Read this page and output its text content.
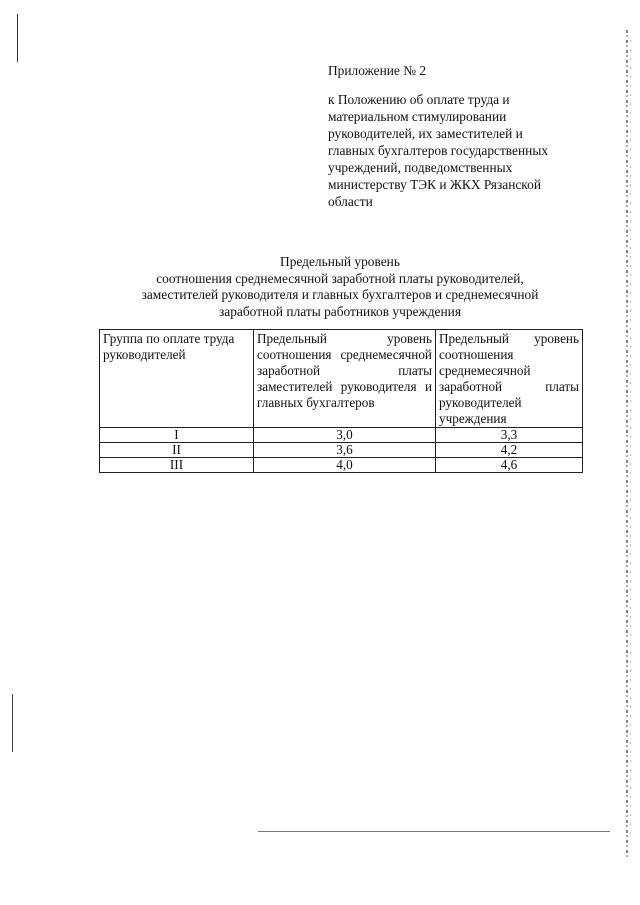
Приложение № 2
к Положению об оплате труда и
материальном стимулировании
руководителей, их заместителей и
главных бухгалтеров государственных
учреждений, подведомственных
министерству ТЭК и ЖКХ Рязанской
области
Предельный уровень
соотношения среднемесячной заработной платы руководителей,
заместителей руководителя и главных бухгалтеров и среднемесячной
заработной платы работников учреждения
Группа по оплате труда руководителей	Предельный уровень соотношения среднемесячной заработной платы заместителей руководителя и главных бухгалтеров	Предельный уровень соотношения среднемесячной заработной платы руководителей учреждения
I	3,0	3,3
II	3,6	4,2
III	4,0	4,6
